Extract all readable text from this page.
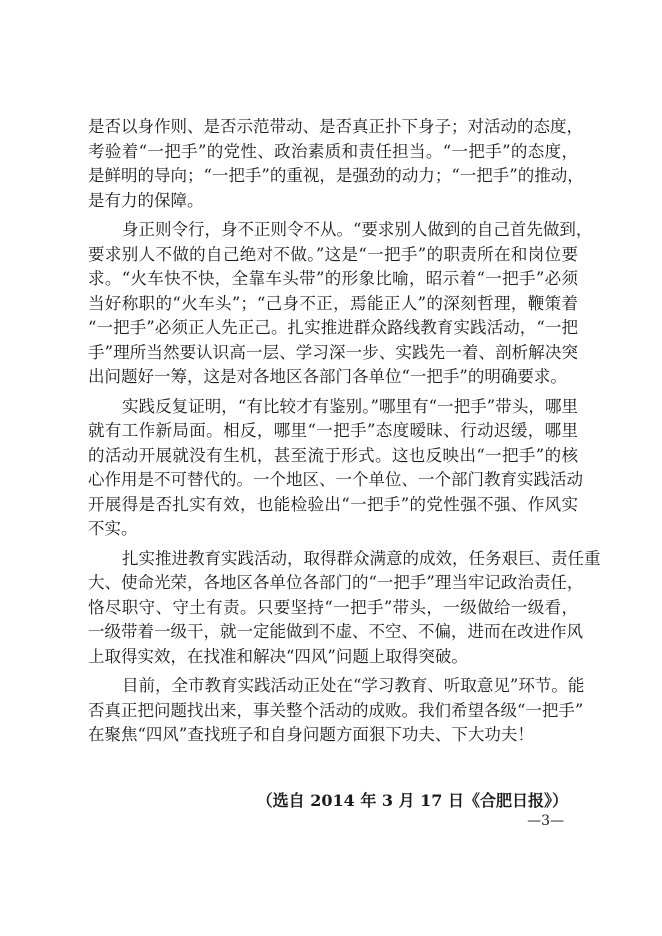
是否以身作则、是否示范带动、是否真正扑下身子；对活动的态度，
考验着“一把手”的党性、政治素质和责任担当。“一把手”的态度，
是鲜明的导向；“一把手”的重视，是强劲的动力；“一把手”的推动，
是有力的保障。
身正则令行，身不正则令不从。“要求别人做到的自己首先做到，
要求别人不做的自己绝对不做。”这是“一把手”的职责所在和岗位要
求。“火车快不快，全靠车头带”的形象比喻，昭示着“一把手”必须
当好称职的“火车头”；“己身不正，焉能正人”的深刻哲理，鞭策着
“一把手”必须正人先正己。扎实推进群众路线教育实践活动，“一把
手”理所当然要认识高一层、学习深一步、实践先一着、剖析解决突
出问题好一筹，这是对各地区各部门各单位“一把手”的明确要求。
实践反复证明，“有比较才有鉴别。”哪里有“一把手”带头，哪里
就有工作新局面。相反，哪里“一把手”态度暧昧、行动迟缓，哪里
的活动开展就没有生机，甚至流于形式。这也反映出“一把手”的核
心作用是不可替代的。一个地区、一个单位、一个部门教育实践活动
开展得是否扎实有效，也能检验出“一把手”的党性强不强、作风实
不实。
扎实推进教育实践活动，取得群众满意的成效，任务艰巨、责任重
大、使命光荣，各地区各单位各部门的“一把手”理当牢记政治责任，
恪尽职守、守土有责。只要坚持“一把手”带头，一级做给一级看，
一级带着一级干，就一定能做到不虚、不空、不偏，进而在改进作风
上取得实效，在找准和解决“四风”问题上取得突破。
目前，全市教育实践活动正处在“学习教育、听取意见”环节。能
否真正把问题找出来，事关整个活动的成败。我们希望各级“一把手”
在聚焦“四风”查找班子和自身问题方面狠下功夫、下大功夫！
（选自 2014 年 3 月 17 日《合肥日报》）
—3—
